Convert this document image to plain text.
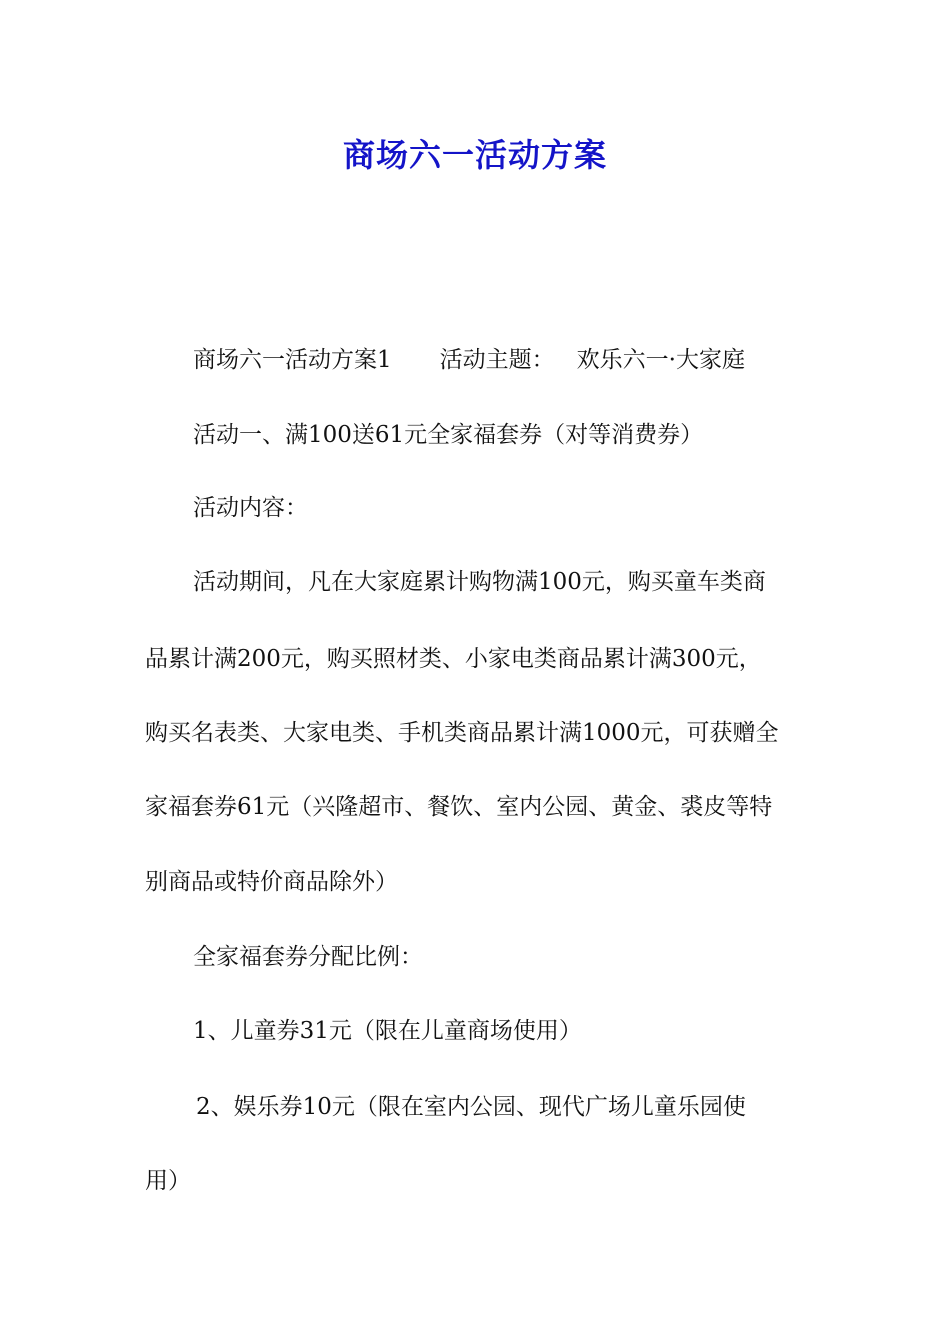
商场六一活动方案

商场六一活动方案1 活动主题： 欢乐六一·大家庭

活动一、满100送61元全家福套券（对等消费券）

活动内容：

活动期间，凡在大家庭累计购物满100元，购买童车类商

品累计满200元，购买照材类、小家电类商品累计满300元，

购买名表类、大家电类、手机类商品累计满1000元，可获赠全

家福套券61元（兴隆超市、餐饮、室内公园、黄金、裘皮等特

别商品或特价商品除外）

全家福套券分配比例：

1、儿童券31元（限在儿童商场使用）

2、娱乐券10元（限在室内公园、现代广场儿童乐园使

用）
